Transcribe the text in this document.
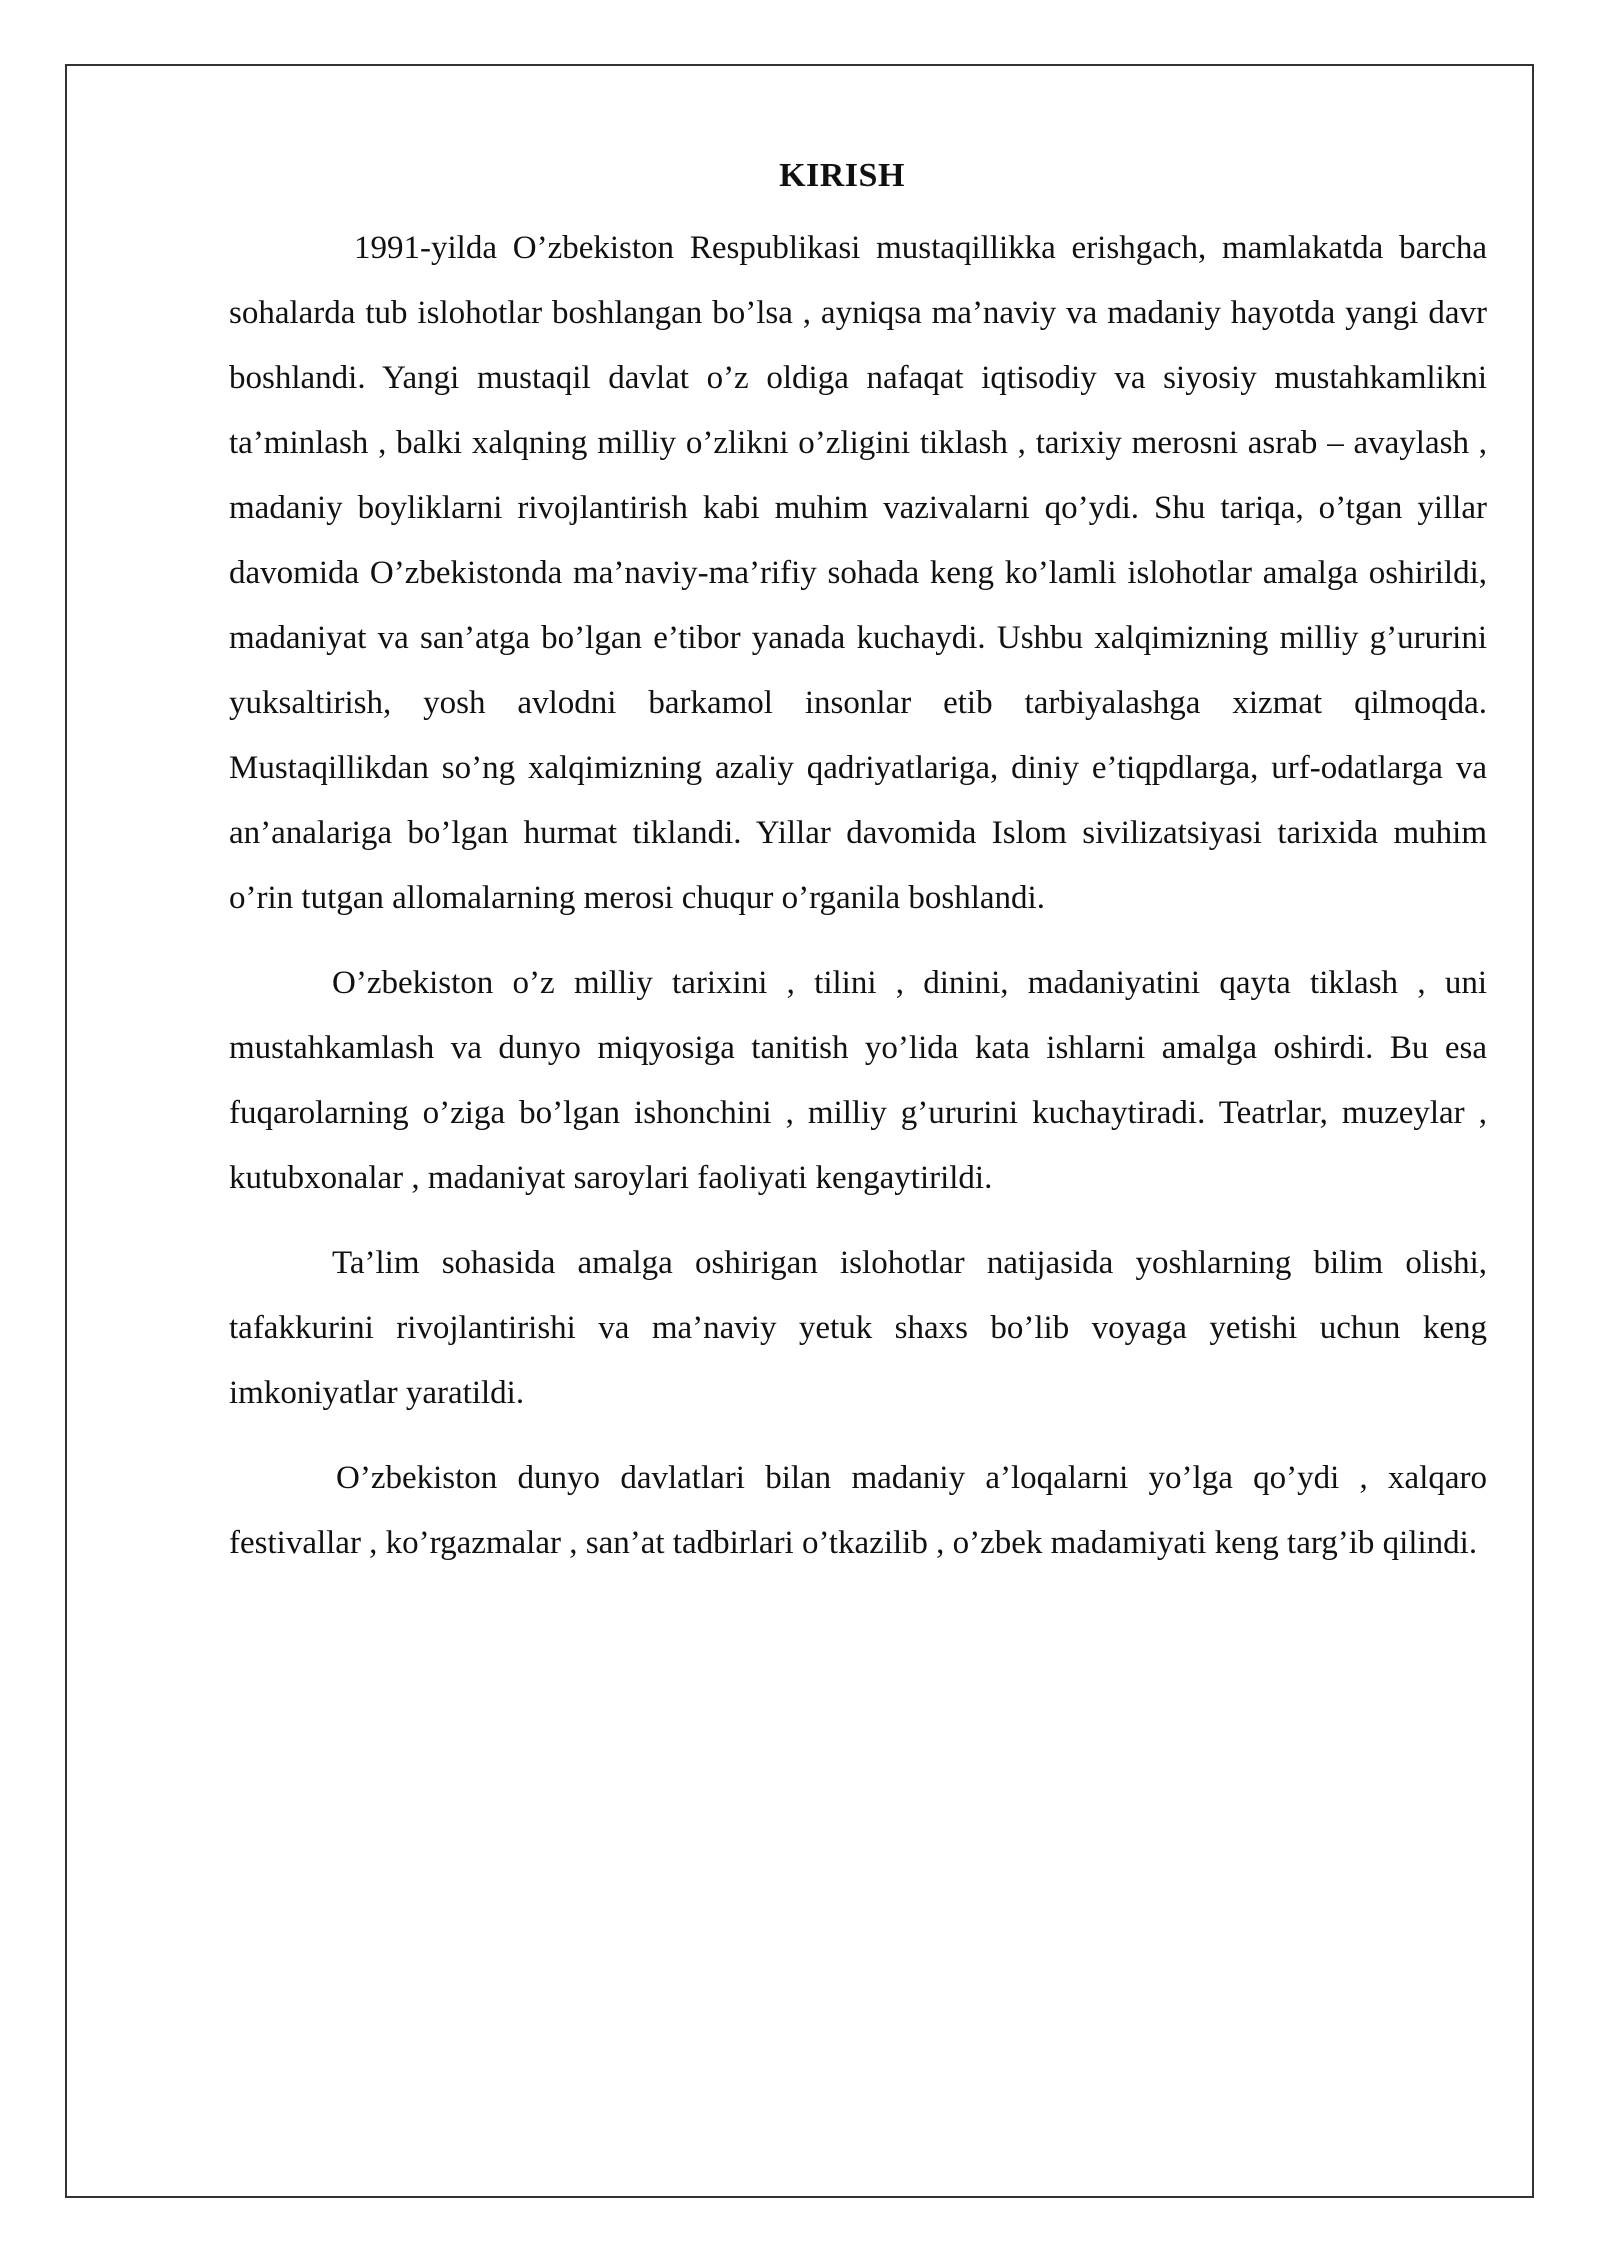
KIRISH

1991-yilda O’zbekiston Respublikasi mustaqillikka erishgach, mamlakatda barcha sohalarda tub islohotlar boshlangan bo’lsa , ayniqsa ma’naviy va madaniy hayotda yangi davr boshlandi. Yangi mustaqil davlat o’z oldiga nafaqat iqtisodiy va siyosiy mustahkamlikni ta’minlash , balki xalqning milliy o’zlikni o’zligini tiklash , tarixiy merosni asrab – avaylash , madaniy boyliklarni rivojlantirish kabi muhim vazivalarni qo’ydi. Shu tariqa, o’tgan yillar davomida O’zbekistonda ma’naviy-ma’rifiy sohada keng ko’lamli islohotlar amalga oshirildi, madaniyat va san’atga bo’lgan e’tibor yanada kuchaydi. Ushbu xalqimizning milliy g’ururini yuksaltirish, yosh avlodni barkamol insonlar etib tarbiyalashga xizmat qilmoqda. Mustaqillikdan so’ng xalqimizning azaliy qadriyatlariga, diniy e’tiqpdlarga, urf-odatlarga va an’analariga bo’lgan hurmat tiklandi. Yillar davomida Islom sivilizatsiyasi tarixida muhim o’rin tutgan allomalarning merosi chuqur o’rganila boshlandi.

O’zbekiston o’z milliy tarixini , tilini , dinini, madaniyatini qayta tiklash , uni mustahkamlash va dunyo miqyosiga tanitish yo’lida kata ishlarni amalga oshirdi. Bu esa fuqarolarning o’ziga bo’lgan ishonchini , milliy g’ururini kuchaytiradi. Teatrlar, muzeylar , kutubxonalar , madaniyat saroylari faoliyati kengaytirildi.

Ta’lim sohasida amalga oshirigan islohotlar natijasida yoshlarning bilim olishi, tafakkurini rivojlantirishi va ma’naviy yetuk shaxs bo’lib voyaga yetishi uchun keng imkoniyatlar yaratildi.

O’zbekiston dunyo davlatlari bilan madaniy a’loqalarni yo’lga qo’ydi , xalqaro festivallar , ko’rgazmalar , san’at tadbirlari o’tkazilib , o’zbek madamiyati keng targ’ib qilindi.
